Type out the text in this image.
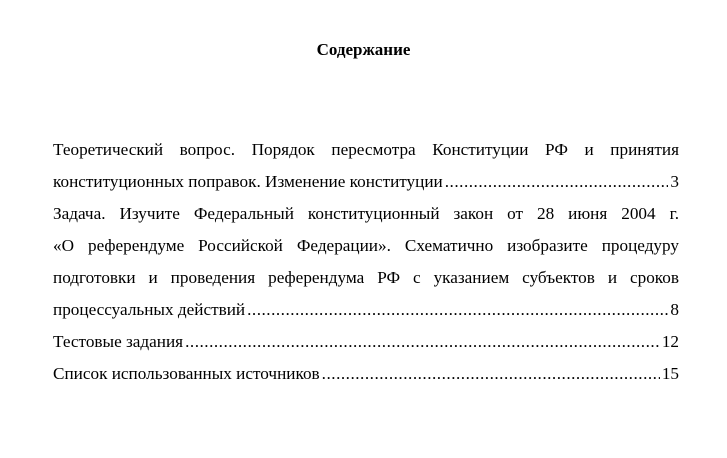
Содержание
Теоретический вопрос. Порядок пересмотра Конституции РФ и принятия
конституционных поправок. Изменение конституции .....	3
Задача. Изучите Федеральный конституционный закон от 28 июня 2004 г.
«О референдуме Российской Федерации». Схематично изобразите процедуру
подготовки и проведения референдума РФ с указанием субъектов и сроков
процессуальных действий .....	8
Тестовые задания .....	12
Список использованных источников .....	15
